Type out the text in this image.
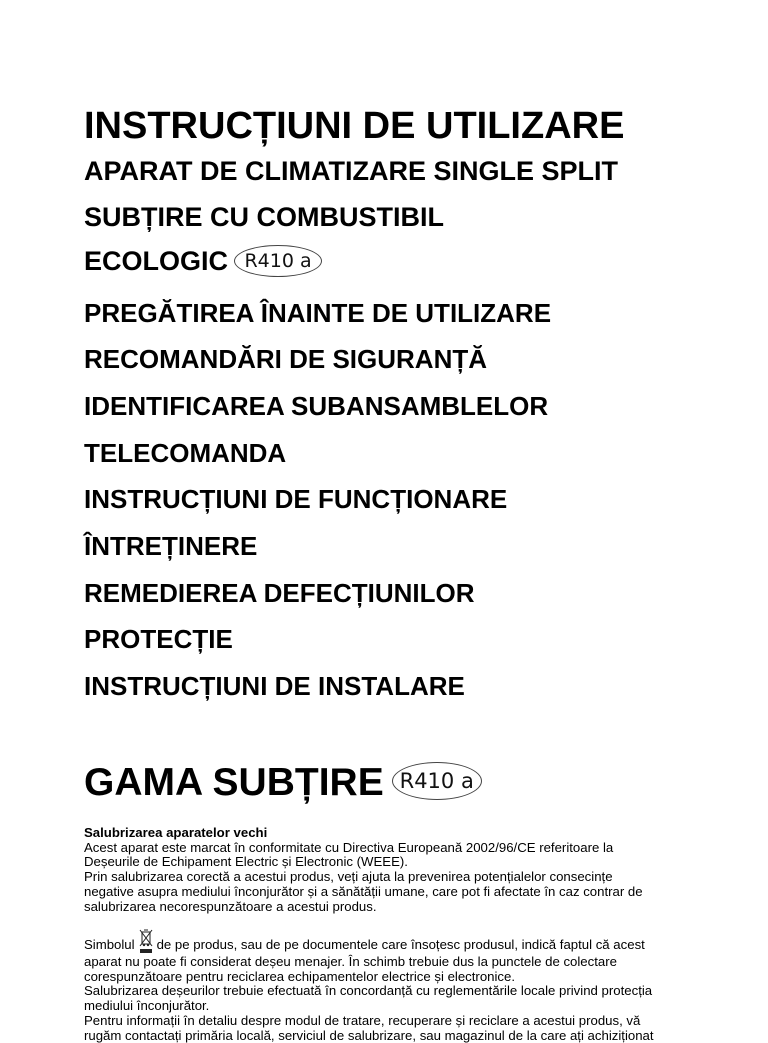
INSTRUCȚIUNI DE UTILIZARE
APARAT DE CLIMATIZARE SINGLE SPLIT
SUBȚIRE CU COMBUSTIBIL
ECOLOGIC R410 a
PREGĂTIREA ÎNAINTE DE UTILIZARE
RECOMANDĂRI DE SIGURANȚĂ
IDENTIFICAREA SUBANSAMBLELOR
TELECOMANDA
INSTRUCȚIUNI DE FUNCȚIONARE
ÎNTREȚINERE
REMEDIEREA DEFECȚIUNILOR
PROTECȚIE
INSTRUCȚIUNI DE INSTALARE
GAMA SUBȚIRE R410 a
Salubrizarea aparatelor vechi
Acest aparat este marcat în conformitate cu Directiva Europeană 2002/96/CE referitoare la
Deșeurile de Echipament Electric și Electronic (WEEE).
Prin salubrizarea corectă a acestui produs, veți ajuta la prevenirea potențialelor consecințe
negative asupra mediului înconjurător și a sănătății umane, care pot fi afectate în caz contrar de
salubrizarea necorespunzătoare a acestui produs.
Simbolul de pe produs, sau de pe documentele care însoțesc produsul, indică faptul că acest
aparat nu poate fi considerat deșeu menajer. În schimb trebuie dus la punctele de colectare
corespunzătoare pentru reciclarea echipamentelor electrice și electronice.
Salubrizarea deșeurilor trebuie efectuată în concordanță cu reglementările locale privind protecția
mediului înconjurător.
Pentru informații în detaliu despre modul de tratare, recuperare și reciclare a acestui produs, vă
rugăm contactați primăria locală, serviciul de salubrizare, sau magazinul de la care ați achiziționat
